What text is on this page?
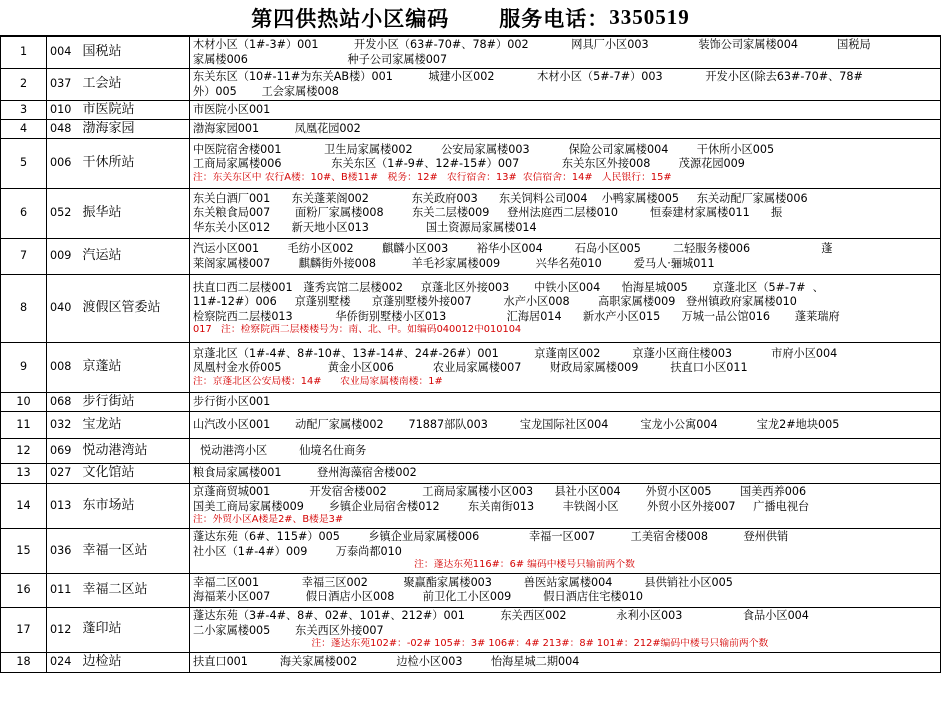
第四供热站小区编码 服务电话： 3350519
1	004	国税站	木材小区（1#-3#）001          开发小区（63#-70#、78#）002            网具厂小区003              装饰公司家属楼004           国税局
家属楼006                            种子公司家属楼007

2	037	工会站	东关东区（10#-11#为东关AB楼）001          城建小区002            木材小区（5#-7#）003            开发小区(除去63#-70#、78#
外）005       工会家属楼008

3	010	市医院站	市医院小区001

4	048	渤海家园	渤海家园001          凤凰花园002

5	006	干休所站	中医院宿舍楼001            卫生局家属楼002        公安局家属楼003           保险公司家属楼004        干休所小区005
工商局家属楼006              东关东区（1#-9#、12#-15#）007            东关东区外接008        茂源花园009
注：东关东区中 农行A楼：10#、B楼11#   税务：12#   农行宿舍：13#  农信宿舍：14#   人民银行：15#

6	052	振华站	东关白酒厂001      东关蓬莱阁002            东关政府003      东关饲料公司004    小鸭家属楼005     东关动配厂家属楼006
东关粮食局007       面粉厂家属楼008        东关二层楼009     登州法庭西二层楼010         恒泰建材家属楼011      振
华东关小区012      新天地小区013                国土资源局家属楼014

7	009	汽运站	汽运小区001        毛纺小区002        麒麟小区003        裕华小区004         石岛小区005         二轻服务楼006                    蓬
莱阁家属楼007        麒麟街外接008          羊毛衫家属楼009          兴华名苑010         爱马人·骊城011

8	040	渡假区管委站	扶直口西二层楼001   蓬秀宾馆二层楼002     京蓬北区外接003       中铁小区004      怡海星城005       京蓬北区（5#-7#  、
11#-12#）006     京蓬别墅楼      京蓬别墅楼外接007         水产小区008        高职家属楼009   登州镇政府家属楼010
检察院西二层楼013            华侨街别墅楼小区013                 汇海居014      新水产小区015      万城一品公馆016       蓬莱瑞府
017   注：检察院西二层楼楼号为：南、北、中。如编码040012中010104

9	008	京蓬站	京蓬北区（1#-4#、8#-10#、13#-14#、24#-26#）001          京蓬南区002         京蓬小区商住楼003           市府小区004
凤凰村金水侨005             黄金小区006           农业局家属楼007        财政局家属楼009         扶直口小区011
注：京蓬北区公安局楼：14#      农业局家属楼南楼：1#

10	068	步行街站	步行街小区001

11	032	宝龙站	山汽改小区001       动配厂家属楼002       71887部队003         宝龙国际社区004         宝龙小公寓004           宝龙2#地块005

12	069	悦动港湾站	悦动港湾小区         仙境名仕商务

13	027	文化馆站	粮食局家属楼001          登州海藻宿舍楼002

14	013	东市场站	京蓬商贸城001           开发宿舍楼002          工商局家属楼小区003      县社小区004       外贸小区005        国美西养006
国美工商局家属楼009       乡镇企业局宿舍楼012        东关南街013        丰铁阁小区        外贸小区外接007     广播电视台
注：外贸小区A楼是2#、B楼是3#

15	036	幸福一区站	蓬达东苑（6#、115#）005        乡镇企业局家属楼006              幸福一区007          工美宿舍楼008          登州供销
社小区（1#-4#）009        万泰尚都010
注：蓬达东苑116#：6# 编码中楼号只输前两个数

16	011	幸福二区站	幸福二区001            幸福三区002          聚赢酯家属楼003         兽医站家属楼004         县供销社小区005
海福莱小区007          假日酒店小区008        前卫化工小区009         假日酒店住宅楼010

17	012	蓬印站	蓬达东苑（3#-4#、8#、02#、101#、212#）001          东关西区002              永利小区003                 食品小区004
二小家属楼005       东关西区外接007
注：蓬达东苑102#：-02# 105#：3# 106#：4# 213#：8# 101#：212#编码中楼号只输前两个数

18	024	边检站	扶直口001         海关家属楼002           边检小区003        怡海星城二期004
